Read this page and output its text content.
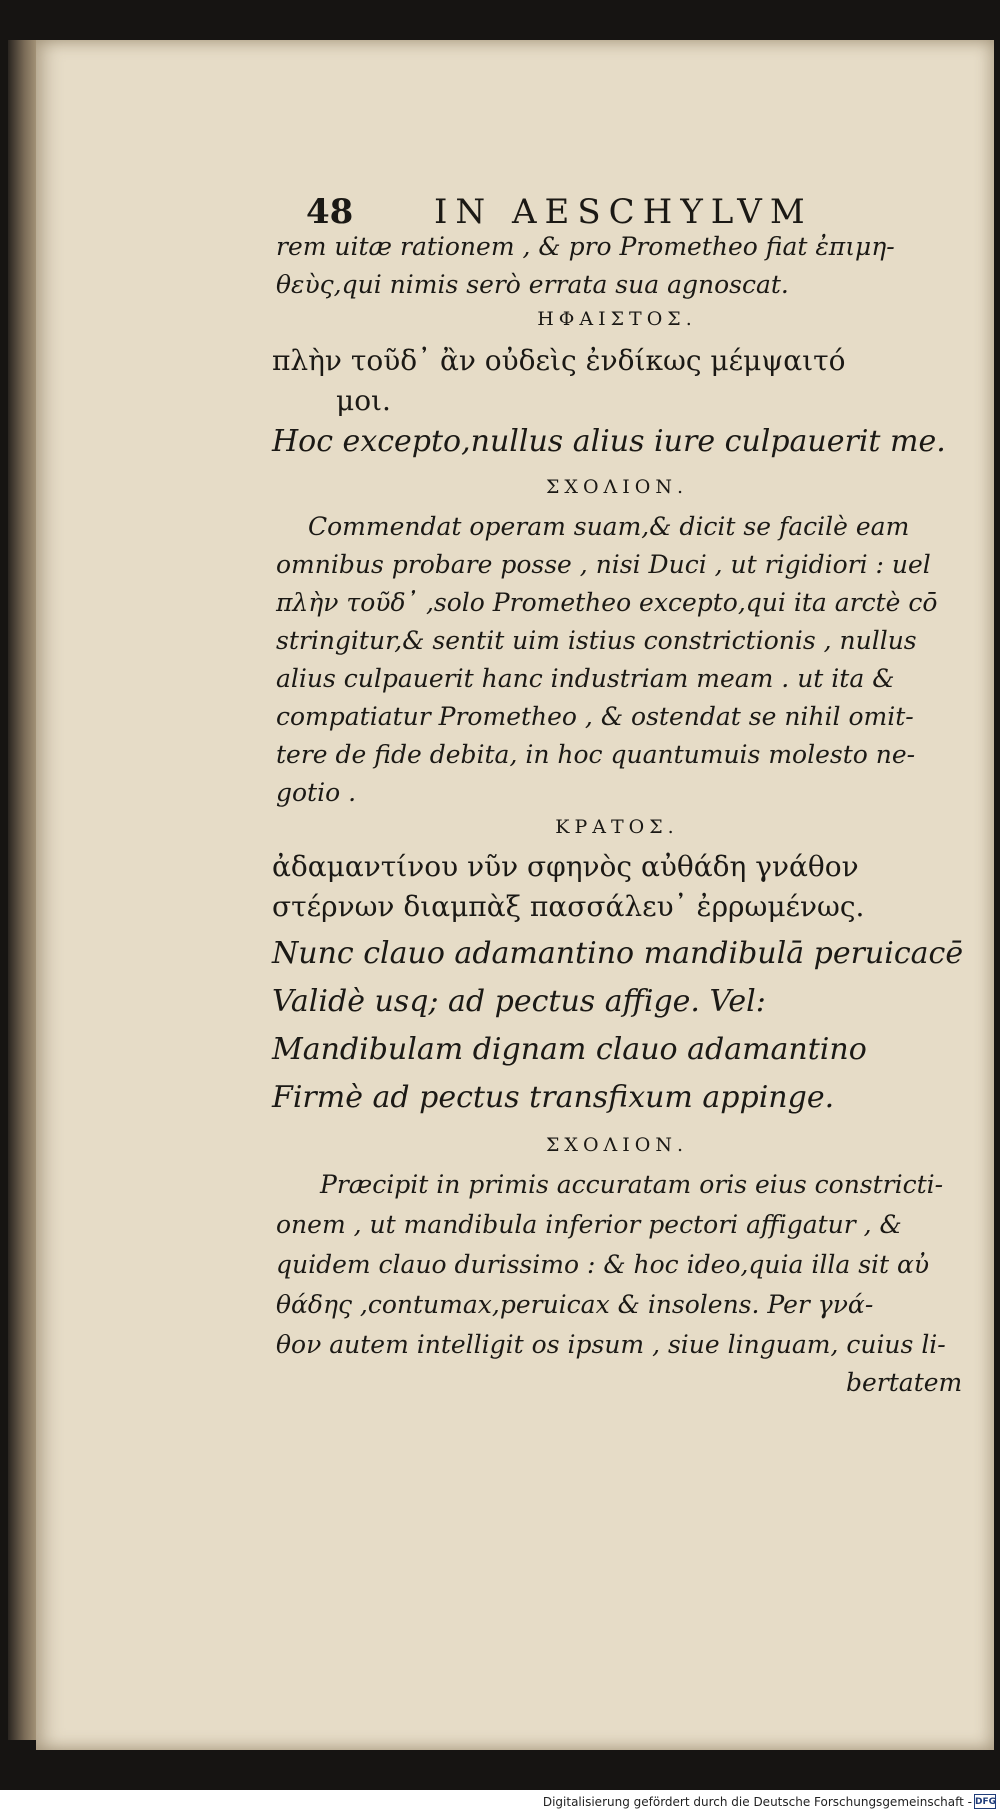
48 IN AESCHYLVM
rem uitæ rationem , & pro Prometheo fiat ἐπιμη-
θεὺς,qui nimis serò errata sua agnoscat.
ΗΦΑΙΣΤΟΣ.
πλὴν τοῦδ᾽ ἂν οὐδεὶς ἐνδίκως μέμψαιτό
μοι.
Hoc excepto,nullus alius iure culpauerit me.
ΣΧΟΛΙΟΝ.
Commendat operam suam,& dicit se facilè eam
omnibus probare posse , nisi Duci , ut rigidiori : uel
πλὴν τοῦδ᾽ ,solo Prometheo excepto,qui ita arctè cō
stringitur,& sentit uim istius constrictionis , nullus
alius culpauerit hanc industriam meam . ut ita &
compatiatur Prometheo , & ostendat se nihil omit-
tere de fide debita, in hoc quantumuis molesto ne-
gotio .
ΚΡΑΤΟΣ.
ἀδαμαντίνου νῦν σφηνὸς αὐθάδη γνάθον
στέρνων διαμπὰξ πασσάλευ᾽ ἐρρωμένως.
Nunc clauo adamantino mandibulā peruicacē
Validè usq; ad pectus affige. Vel:
Mandibulam dignam clauo adamantino
Firmè ad pectus transfixum appinge.
ΣΧΟΛΙΟΝ.
Præcipit in primis accuratam oris eius constricti-
onem , ut mandibula inferior pectori affigatur , &
quidem clauo durissimo : & hoc ideo,quia illa sit αὐ
θάδης ,contumax,peruicax & insolens. Per γνά-
θον autem intelligit os ipsum , siue linguam, cuius li-
bertatem
Digitalisierung gefördert durch die Deutsche Forschungsgemeinschaft - DFG
